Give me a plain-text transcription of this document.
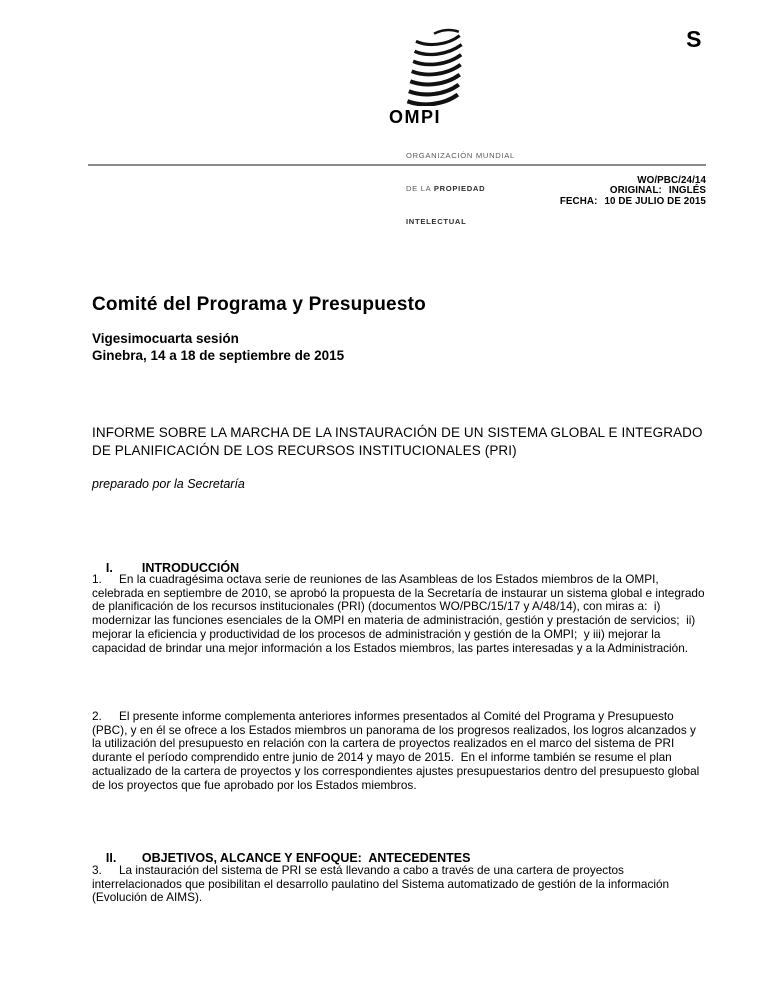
S
OMPI

ORGANIZACIÓN MUNDIAL

DE LA PROPIEDAD

INTELECTUAL

WO/PBC/24/14
ORIGINAL: INGLÉS
FECHA: 10 DE JULIO DE 2015
Comité del Programa y Presupuesto
Vigesimocuarta sesión
Ginebra, 14 a 18 de septiembre de 2015
INFORME SOBRE LA MARCHA DE LA INSTAURACIÓN DE UN SISTEMA GLOBAL E INTEGRADO DE PLANIFICACIÓN DE LOS RECURSOS INSTITUCIONALES (PRI)
preparado por la Secretaría

I. INTRODUCCIÓN

1. En la cuadragésima octava serie de reuniones de las Asambleas de los Estados miembros de la OMPI, celebrada en septiembre de 2010, se aprobó la propuesta de la Secretaría de instaurar un sistema global e integrado de planificación de los recursos institucionales (PRI) (documentos WO/PBC/15/17 y A/48/14), con miras a:  i) modernizar las funciones esenciales de la OMPI en materia de administración, gestión y prestación de servicios;  ii) mejorar la eficiencia y productividad de los procesos de administración y gestión de la OMPI;  y iii) mejorar la capacidad de brindar una mejor información a los Estados miembros, las partes interesadas y a la Administración.
2. El presente informe complementa anteriores informes presentados al Comité del Programa y Presupuesto (PBC), y en él se ofrece a los Estados miembros un panorama de los progresos realizados, los logros alcanzados y la utilización del presupuesto en relación con la cartera de proyectos realizados en el marco del sistema de PRI durante el período comprendido entre junio de 2014 y mayo de 2015.  En el informe también se resume el plan actualizado de la cartera de proyectos y los correspondientes ajustes presupuestarios dentro del presupuesto global de los proyectos que fue aprobado por los Estados miembros.

II. OBJETIVOS, ALCANCE Y ENFOQUE:  ANTECEDENTES

3. La instauración del sistema de PRI se está llevando a cabo a través de una cartera de proyectos interrelacionados que posibilitan el desarrollo paulatino del Sistema automatizado de gestión de la información (Evolución de AIMS).
